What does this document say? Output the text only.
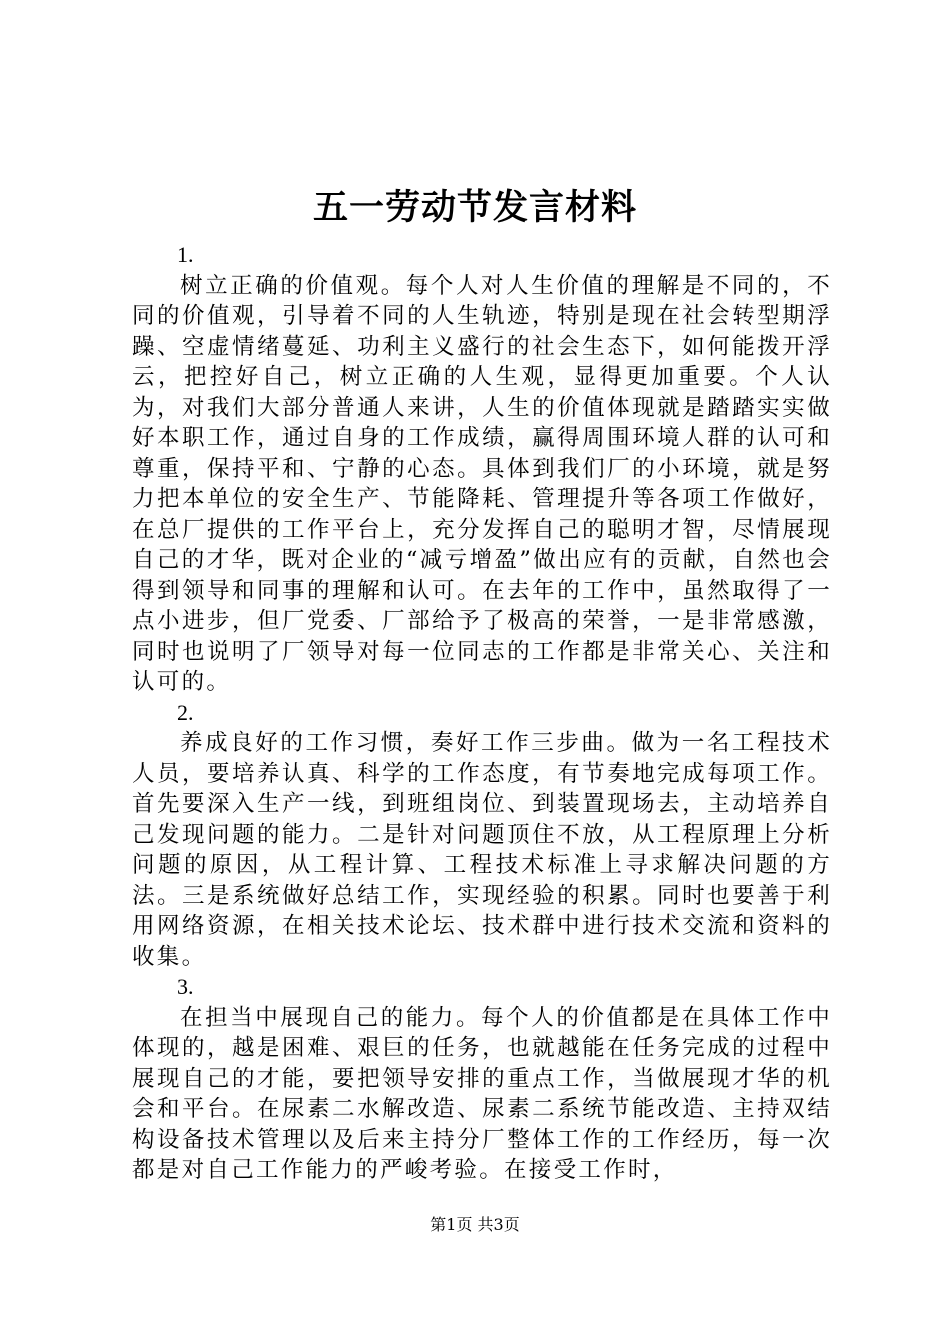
五一劳动节发言材料
1.

树立正确的价值观。每个人对人生价值的理解是不同的，不同的价值观，引导着不同的人生轨迹，特别是现在社会转型期浮躁、空虚情绪蔓延、功利主义盛行的社会生态下，如何能拨开浮云，把控好自己，树立正确的人生观，显得更加重要。个人认为，对我们大部分普通人来讲，人生的价值体现就是踏踏实实做好本职工作，通过自身的工作成绩，赢得周围环境人群的认可和尊重，保持平和、宁静的心态。具体到我们厂的小环境，就是努力把本单位的安全生产、节能降耗、管理提升等各项工作做好，在总厂提供的工作平台上，充分发挥自己的聪明才智，尽情展现自己的才华，既对企业的“减亏增盈”做出应有的贡献，自然也会得到领导和同事的理解和认可。在去年的工作中，虽然取得了一点小进步，但厂党委、厂部给予了极高的荣誉，一是非常感激，同时也说明了厂领导对每一位同志的工作都是非常关心、关注和认可的。

2.

养成良好的工作习惯，奏好工作三步曲。做为一名工程技术人员，要培养认真、科学的工作态度，有节奏地完成每项工作。首先要深入生产一线，到班组岗位、到装置现场去，主动培养自己发现问题的能力。二是针对问题顶住不放，从工程原理上分析问题的原因，从工程计算、工程技术标准上寻求解决问题的方法。三是系统做好总结工作，实现经验的积累。同时也要善于利用网络资源，在相关技术论坛、技术群中进行技术交流和资料的收集。

3.

在担当中展现自己的能力。每个人的价值都是在具体工作中体现的，越是困难、艰巨的任务，也就越能在任务完成的过程中展现自己的才能，要把领导安排的重点工作，当做展现才华的机会和平台。在尿素二水解改造、尿素二系统节能改造、主持双结构设备技术管理以及后来主持分厂整体工作的工作经历，每一次都是对自己工作能力的严峻考验。在接受工作时，

第1页 共3页
